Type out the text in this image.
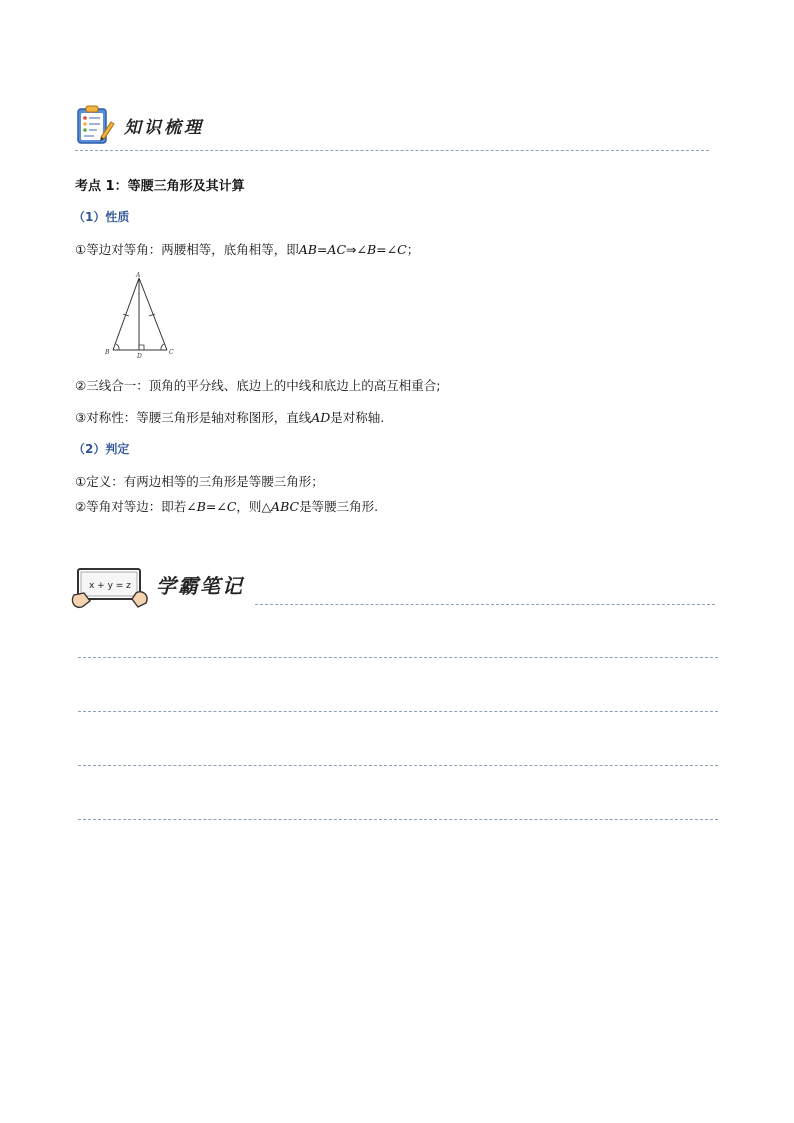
知识梳理
考点 1：等腰三角形及其计算
（1）性质
①等边对等角：两腰相等，底角相等，即AB=AC⇒∠B=∠C；
A
B	C
D
②三线合一：顶角的平分线、底边上的中线和底边上的高互相重合;
③对称性：等腰三角形是轴对称图形，直线AD是对称轴.
（2）判定
①定义：有两边相等的三角形是等腰三角形；
②等角对等边：即若∠B=∠C，则△ABC是等腰三角形.
x + y = z 学霸笔记
